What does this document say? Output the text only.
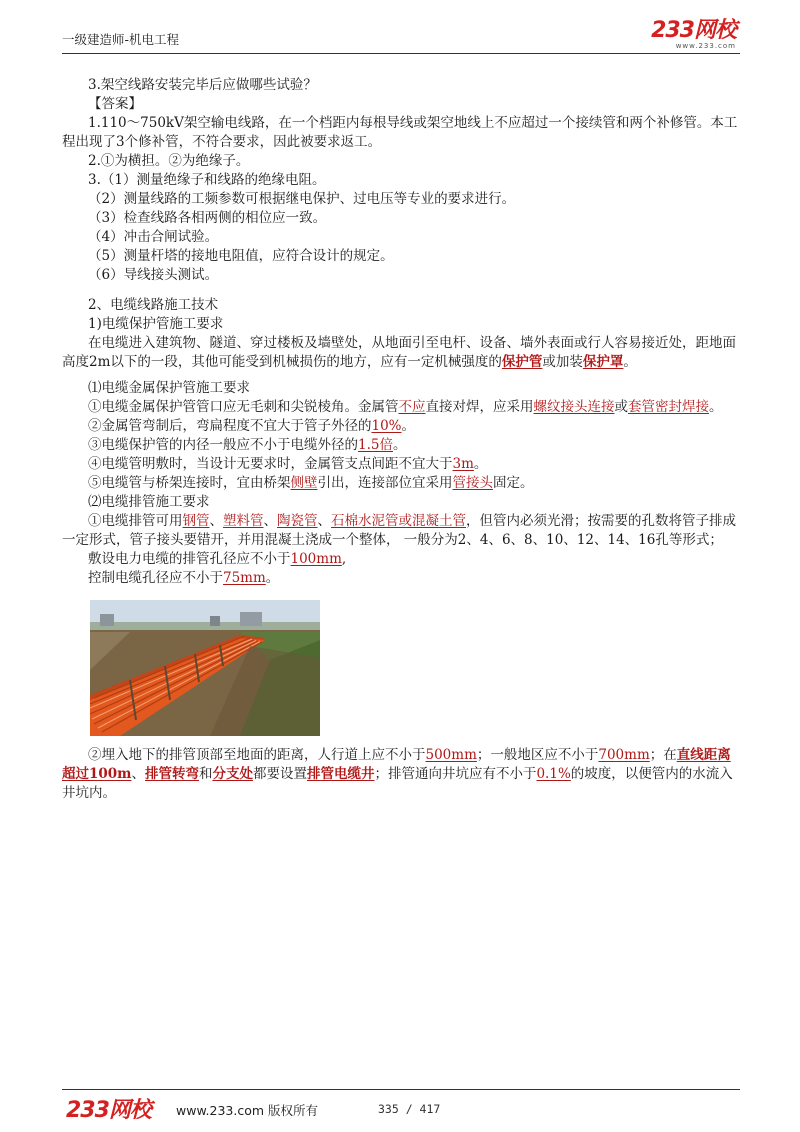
一级建造师-机电工程	233网校
www.233.com

3.架空线路安装完毕后应做哪些试验？

【答案】

1.110～750kV架空输电线路，在一个档距内每根导线或架空地线上不应超过一个接续管和两个补修管。本工程出现了3个修补管，不符合要求，因此被要求返工。

2.①为横担。②为绝缘子。

3.（1）测量绝缘子和线路的绝缘电阻。

（2）测量线路的工频参数可根据继电保护、过电压等专业的要求进行。

（3）检查线路各相两侧的相位应一致。

（4）冲击合闸试验。

（5）测量杆塔的接地电阻值，应符合设计的规定。

（6）导线接头测试。

2、电缆线路施工技术

1)电缆保护管施工要求

在电缆进入建筑物、隧道、穿过楼板及墙壁处，从地面引至电杆、设备、墙外表面或行人容易接近处，距地面高度2m以下的一段，其他可能受到机械损伤的地方，应有一定机械强度的保护管或加装保护罩。

⑴电缆金属保护管施工要求

①电缆金属保护管管口应无毛刺和尖锐棱角。金属管不应直接对焊，应采用螺纹接头连接或套管密封焊接。

②金属管弯制后，弯扁程度不宜大于管子外径的10%。

③电缆保护管的内径一般应不小于电缆外径的1.5倍。

④电缆管明敷时，当设计无要求时，金属管支点间距不宜大于3m。

⑤电缆管与桥架连接时，宜由桥架侧壁引出，连接部位宜采用管接头固定。

⑵电缆排管施工要求

①电缆排管可用钢管、塑料管、陶瓷管、石棉水泥管或混凝土管，但管内必须光滑；按需要的孔数将管子排成一定形式，管子接头要错开，并用混凝土浇成一个整体， 一般分为2、4、6、8、10、12、14、16孔等形式；

敷设电力电缆的排管孔径应不小于100mm,

控制电缆孔径应不小于75mm。

②埋入地下的排管顶部至地面的距离，人行道上应不小于500mm；一般地区应不小于700mm；在直线距离超过100m、排管转弯和分支处都要设置排管电缆井；排管通向井坑应有不小于0.1%的坡度，以便管内的水流入井坑内。

233网校 www.233.com 版权所有	335 / 417
